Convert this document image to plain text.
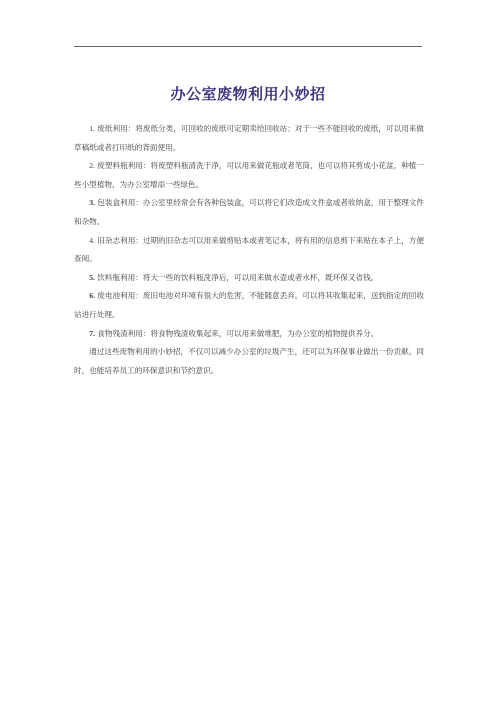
办公室废物利用小妙招

1. 废纸利用：将废纸分类，可回收的废纸可定期卖给回收站；对于一些不能回收的废纸，可以用来做草稿纸或者打印纸的背面使用。

2. 废塑料瓶利用：将废塑料瓶清洗干净，可以用来做花瓶或者笔筒，也可以将其剪成小花盆，种植一些小型植物，为办公室增添一些绿色。

3. 包装盒利用：办公室里经常会有各种包装盒，可以将它们改造成文件盒或者收纳盒，用于整理文件和杂物。

4. 旧杂志利用：过期的旧杂志可以用来做剪贴本或者笔记本，将有用的信息剪下来贴在本子上，方便查阅。

5. 饮料瓶利用：将大一些的饮料瓶洗净后，可以用来做水壶或者水杯，既环保又省钱。

6. 废电池利用：废旧电池对环境有很大的危害，不能随意丢弃。可以将其收集起来，送到指定的回收站进行处理。

7. 食物残渣利用：将食物残渣收集起来，可以用来做堆肥，为办公室的植物提供养分。

通过这些废物利用的小妙招，不仅可以减少办公室的垃圾产生，还可以为环保事业做出一份贡献。同时，也能培养员工的环保意识和节约意识。
